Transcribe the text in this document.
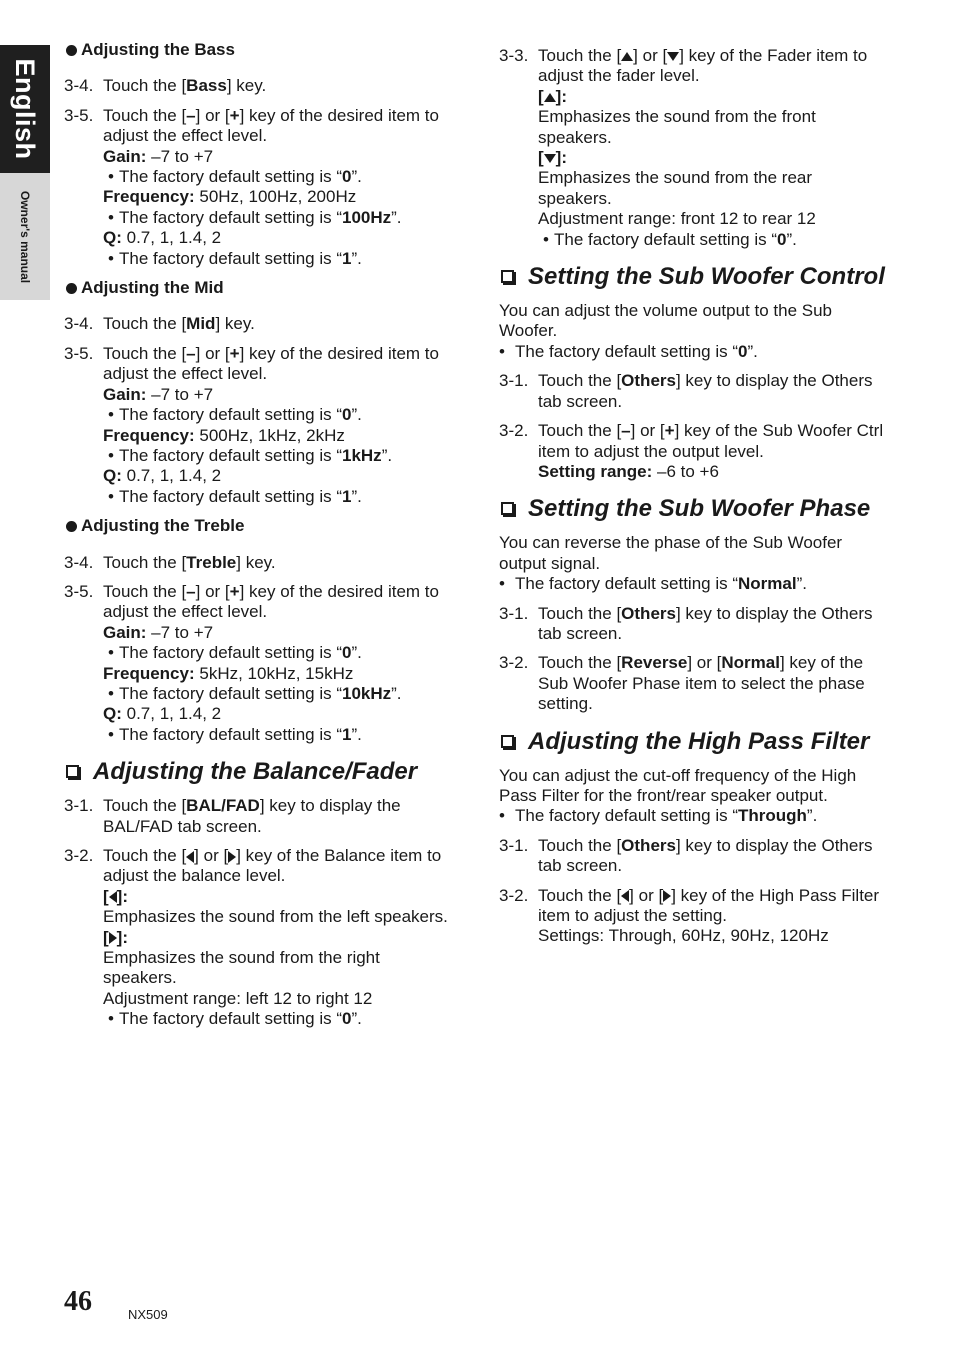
English
Owner's manual
Adjusting the Bass
3-4. Touch the [Bass] key.
3-5. Touch the [–] or [+] key of the desired item to adjust the effect level.
Gain: –7 to +7
• The factory default setting is “0”.
Frequency: 50Hz, 100Hz, 200Hz
• The factory default setting is “100Hz”.
Q: 0.7, 1, 1.4, 2
• The factory default setting is “1”.
Adjusting the Mid
3-4. Touch the [Mid] key.
3-5. Touch the [–] or [+] key of the desired item to adjust the effect level.
Gain: –7 to +7
• The factory default setting is “0”.
Frequency: 500Hz, 1kHz, 2kHz
• The factory default setting is “1kHz”.
Q: 0.7, 1, 1.4, 2
• The factory default setting is “1”.
Adjusting the Treble
3-4. Touch the [Treble] key.
3-5. Touch the [–] or [+] key of the desired item to adjust the effect level.
Gain: –7 to +7
• The factory default setting is “0”.
Frequency: 5kHz, 10kHz, 15kHz
• The factory default setting is “10kHz”.
Q: 0.7, 1, 1.4, 2
• The factory default setting is “1”.
Adjusting the Balance/Fader
3-1. Touch the [BAL/FAD] key to display the BAL/FAD tab screen.
3-2. Touch the [ ] or [ ] key of the Balance item to adjust the balance level.
[ ]:
Emphasizes the sound from the left speakers.
[ ]:
Emphasizes the sound from the right speakers.
Adjustment range: left 12 to right 12
• The factory default setting is “0”.
3-3. Touch the [ ] or [ ] key of the Fader item to adjust the fader level.
[ ]:
Emphasizes the sound from the front speakers.
[ ]:
Emphasizes the sound from the rear speakers.
Adjustment range: front 12 to rear 12
• The factory default setting is “0”.
Setting the Sub Woofer Control
You can adjust the volume output to the Sub Woofer.
• The factory default setting is “0”.
3-1. Touch the [Others] key to display the Others tab screen.
3-2. Touch the [–] or [+] key of the Sub Woofer Ctrl item to adjust the output level.
Setting range: –6 to +6
Setting the Sub Woofer Phase
You can reverse the phase of the Sub Woofer output signal.
• The factory default setting is “Normal”.
3-1. Touch the [Others] key to display the Others tab screen.
3-2. Touch the [Reverse] or [Normal] key of the Sub Woofer Phase item to select the phase setting.
Adjusting the High Pass Filter
You can adjust the cut-off frequency of the High Pass Filter for the front/rear speaker output.
• The factory default setting is “Through”.
3-1. Touch the [Others] key to display the Others tab screen.
3-2. Touch the [ ] or [ ] key of the High Pass Filter item to adjust the setting.
Settings: Through, 60Hz, 90Hz, 120Hz
46	NX509
